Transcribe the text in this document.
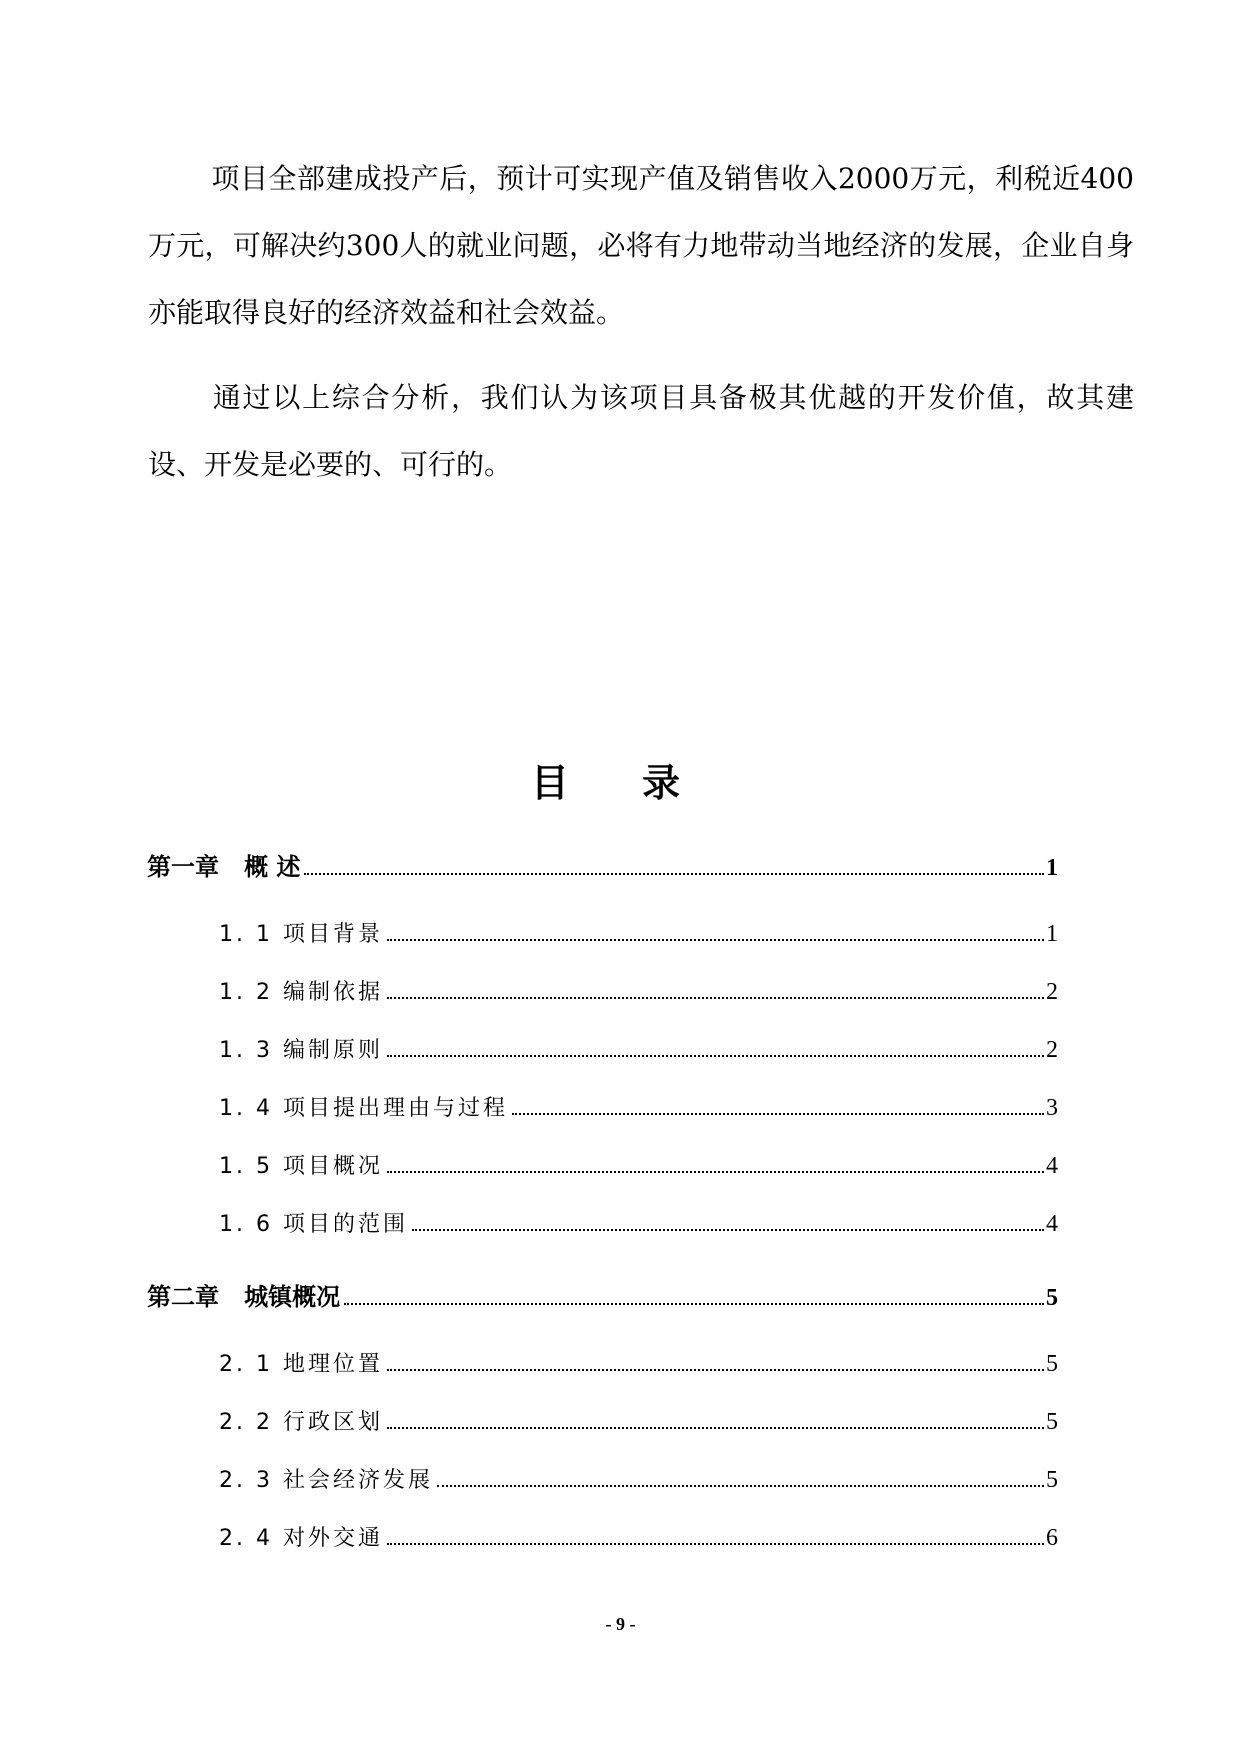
项目全部建成投产后，预计可实现产值及销售收入2000万元，利税近400万元，可解决约300人的就业问题，必将有力地带动当地经济的发展，企业自身亦能取得良好的经济效益和社会效益。

通过以上综合分析，我们认为该项目具备极其优越的开发价值，故其建设、开发是必要的、可行的。

目 录
第一章   概 述	1
1. 1 项目背景	1
1. 2 编制依据	2
1. 3 编制原则	2
1. 4 项目提出理由与过程	3
1. 5 项目概况	4
1. 6 项目的范围	4
第二章   城镇概况	5
2. 1 地理位置	5
2. 2 行政区划	5
2. 3 社会经济发展	5
2. 4 对外交通	6
- 9 -
